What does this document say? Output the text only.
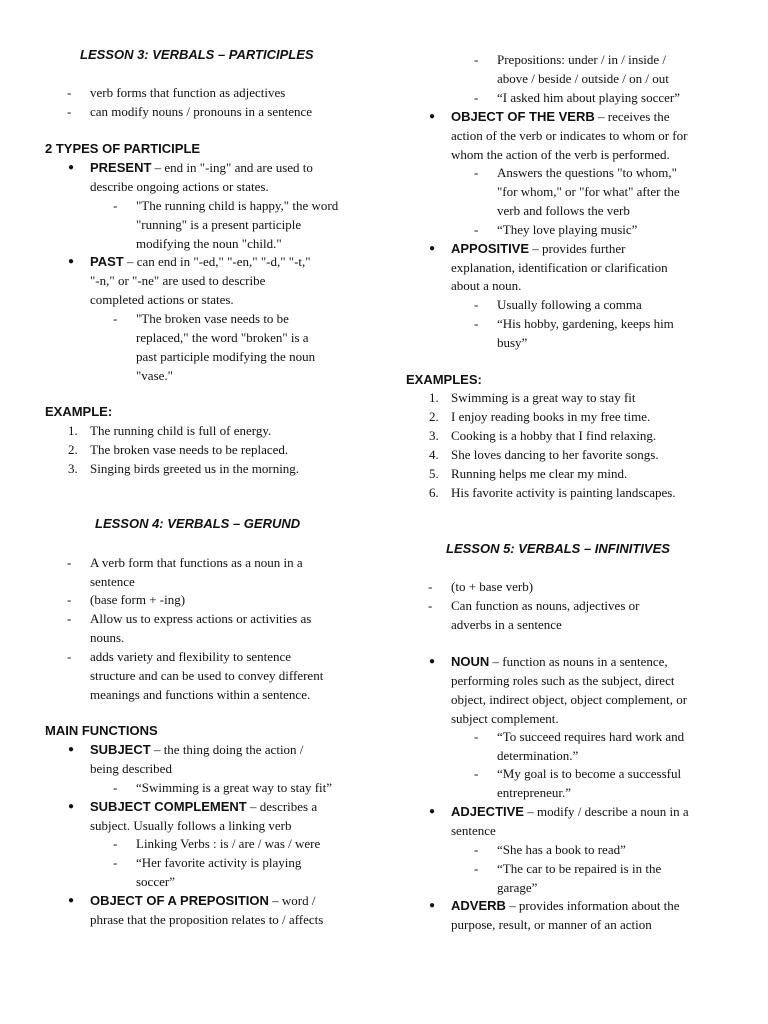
LESSON 3: VERBALS – PARTICIPLES
- verb forms that function as adjectives
- can modify nouns / pronouns in a sentence
2 TYPES OF PARTICIPLE
● PRESENT – end in "-ing" and are used to
describe ongoing actions or states.
- "The running child is happy," the word
"running" is a present participle
modifying the noun "child."
● PAST – can end in "-ed," "-en," "-d," "-t,"
"-n," or "-ne" are used to describe
completed actions or states.
- "The broken vase needs to be
replaced," the word "broken" is a
past participle modifying the noun
"vase."
EXAMPLE:
1. The running child is full of energy.
2. The broken vase needs to be replaced.
3. Singing birds greeted us in the morning.
LESSON 4: VERBALS – GERUND
- A verb form that functions as a noun in a
sentence
- (base form + -ing)
- Allow us to express actions or activities as
nouns.
- adds variety and flexibility to sentence
structure and can be used to convey different
meanings and functions within a sentence.
MAIN FUNCTIONS
● SUBJECT – the thing doing the action /
being described
- “Swimming is a great way to stay fit”
● SUBJECT COMPLEMENT – describes a
subject. Usually follows a linking verb
- Linking Verbs : is / are / was / were
- “Her favorite activity is playing
soccer”
● OBJECT OF A PREPOSITION – word /
phrase that the proposition relates to / affects
- Prepositions: under / in / inside /
above / beside / outside / on / out
- “I asked him about playing soccer”
● OBJECT OF THE VERB – receives the
action of the verb or indicates to whom or for
whom the action of the verb is performed.
- Answers the questions "to whom,"
"for whom," or "for what" after the
verb and follows the verb
- “They love playing music”
● APPOSITIVE – provides further
explanation, identification or clarification
about a noun.
- Usually following a comma
- “His hobby, gardening, keeps him
busy”
EXAMPLES:
1. Swimming is a great way to stay fit
2. I enjoy reading books in my free time.
3. Cooking is a hobby that I find relaxing.
4. She loves dancing to her favorite songs.
5. Running helps me clear my mind.
6. His favorite activity is painting landscapes.
LESSON 5: VERBALS – INFINITIVES
- (to + base verb)
- Can function as nouns, adjectives or
adverbs in a sentence
● NOUN – function as nouns in a sentence,
performing roles such as the subject, direct
object, indirect object, object complement, or
subject complement.
- “To succeed requires hard work and
determination.”
- “My goal is to become a successful
entrepreneur.”
● ADJECTIVE – modify / describe a noun in a
sentence
- “She has a book to read”
- “The car to be repaired is in the
garage”
● ADVERB – provides information about the
purpose, result, or manner of an action
